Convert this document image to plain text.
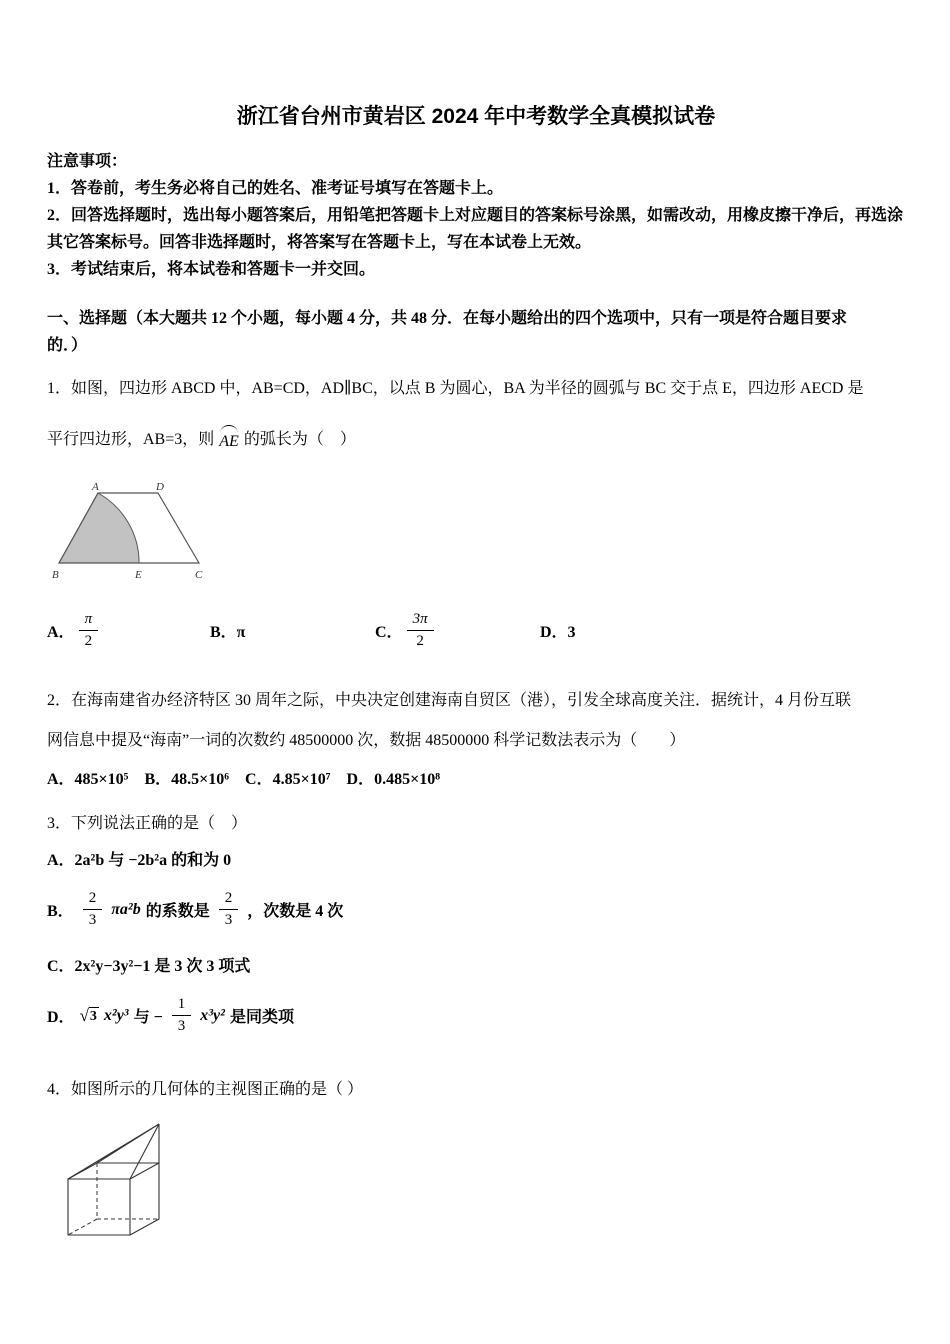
浙江省台州市黄岩区 2024 年中考数学全真模拟试卷

注意事项：

1．答卷前，考生务必将自己的姓名、准考证号填写在答题卡上。

2．回答选择题时，选出每小题答案后，用铅笔把答题卡上对应题目的答案标号涂黑，如需改动，用橡皮擦干净后，再选涂其它答案标号。回答非选择题时，将答案写在答题卡上，写在本试卷上无效。

3．考试结束后，将本试卷和答题卡一并交回。

一、选择题（本大题共 12 个小题，每小题 4 分，共 48 分．在每小题给出的四个选项中，只有一项是符合题目要求

的．）

1．如图，四边形 ABCD 中，AB=CD，AD∥BC，以点 B 为圆心，BA 为半径的圆弧与 BC 交于点 E，四边形 AECD 是

平行四边形，AB=3，则 AE 的弧长为（　）
A	D
B	E	C
A． $\frac{\pi}{2}$	B．π	C． $\frac{3\pi}{2}$	D．3

2．在海南建省办经济特区 30 周年之际，中央决定创建海南自贸区（港），引发全球高度关注．据统计，4 月份互联

网信息中提及“海南”一词的次数约 48500000 次，数据 48500000 科学记数法表示为（　　）

A．485×10⁵　B．48.5×10⁶　C．4.85×10⁷　D．0.485×10⁸

3．下列说法正确的是（　）

A．2a²b 与 −2b²a 的和为 0

B． $\frac{2}{3} \pi a^2b$ 的系数是 $\frac{2}{3}$ ，次数是 4 次

C．2x²y−3y²−1 是 3 次 3 项式

D． √ 3 x²y³ 与 − $\frac{1}{3} x^3y^2$ 是同类项

4．如图所示的几何体的主视图正确的是（ ）
